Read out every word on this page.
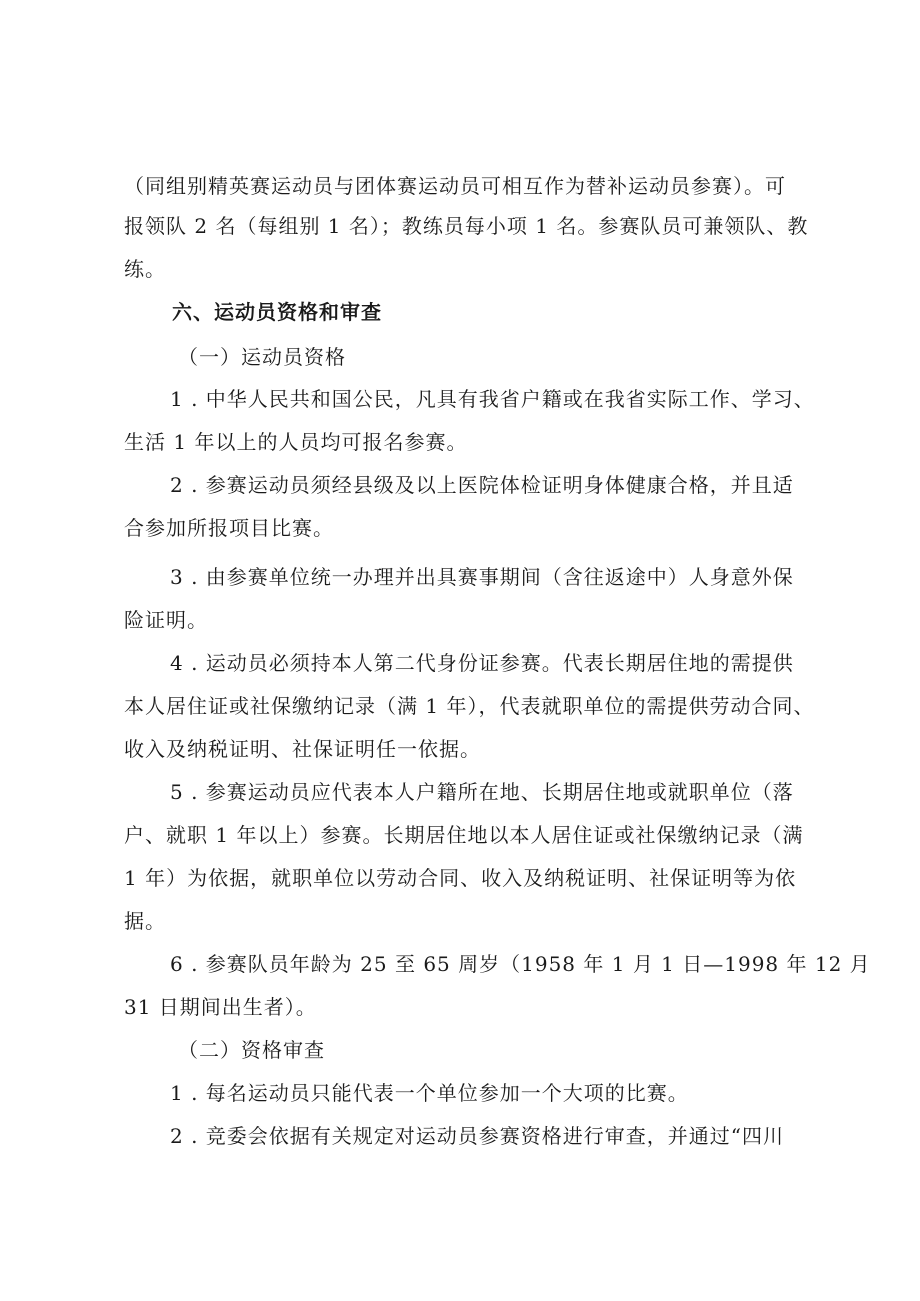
（同组别精英赛运动员与团体赛运动员可相互作为替补运动员参赛）。可
报领队 2 名（每组别 1 名）；教练员每小项 1 名。参赛队员可兼领队、教
练。
六、运动员资格和审查
（一）运动员资格
1 . 中华人民共和国公民，凡具有我省户籍或在我省实际工作、学习、
生活 1 年以上的人员均可报名参赛。
2 . 参赛运动员须经县级及以上医院体检证明身体健康合格，并且适
合参加所报项目比赛。
3 . 由参赛单位统一办理并出具赛事期间（含往返途中）人身意外保
险证明。
4 . 运动员必须持本人第二代身份证参赛。代表长期居住地的需提供
本人居住证或社保缴纳记录（满 1 年），代表就职单位的需提供劳动合同、
收入及纳税证明、社保证明任一依据。
5 . 参赛运动员应代表本人户籍所在地、长期居住地或就职单位（落
户、就职 1 年以上）参赛。长期居住地以本人居住证或社保缴纳记录（满
1 年）为依据，就职单位以劳动合同、收入及纳税证明、社保证明等为依
据。
6 . 参赛队员年龄为 25 至 65 周岁（1958 年 1 月 1 日—1998 年 12 月
31 日期间出生者）。
（二）资格审查
1 . 每名运动员只能代表一个单位参加一个大项的比赛。
2 . 竞委会依据有关规定对运动员参赛资格进行审查，并通过“四川
